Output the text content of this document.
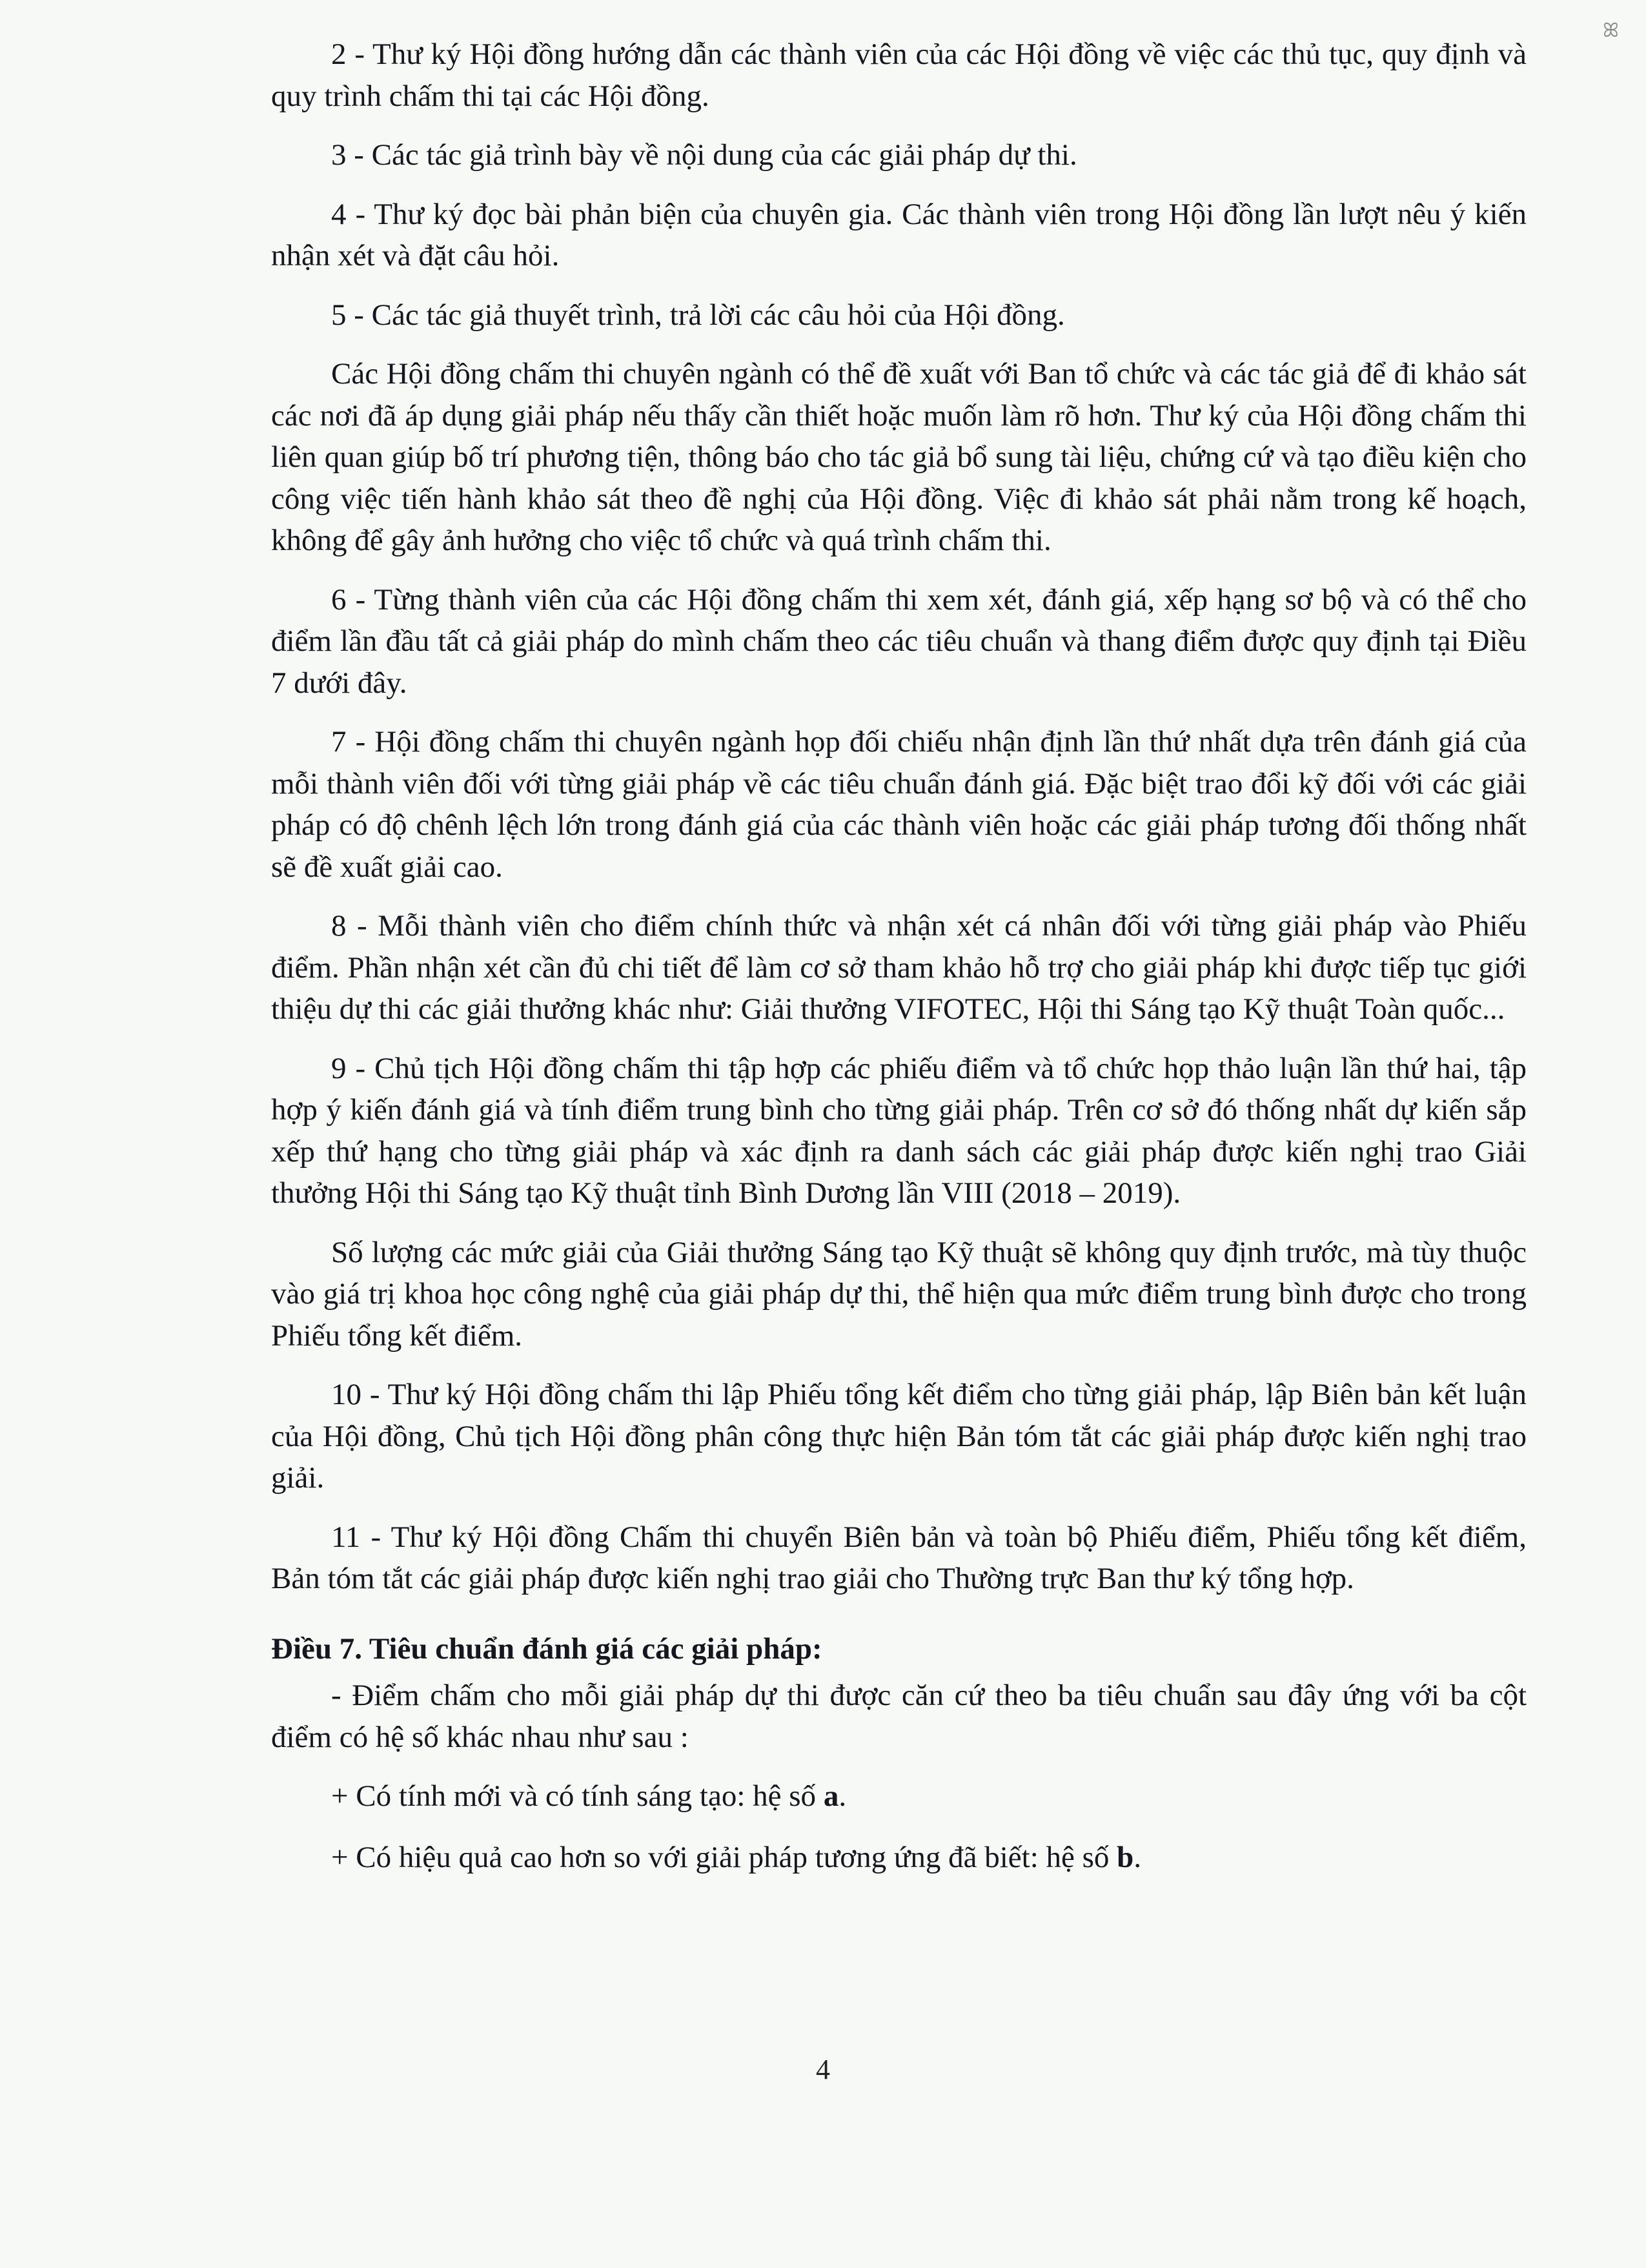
ꕤ

2 - Thư ký Hội đồng hướng dẫn các thành viên của các Hội đồng về việc các thủ tục, quy định và quy trình chấm thi tại các Hội đồng.

3 - Các tác giả trình bày về nội dung của các giải pháp dự thi.

4 - Thư ký đọc bài phản biện của chuyên gia. Các thành viên trong Hội đồng lần lượt nêu ý kiến nhận xét và đặt câu hỏi.

5 - Các tác giả thuyết trình, trả lời các câu hỏi của Hội đồng.

Các Hội đồng chấm thi chuyên ngành có thể đề xuất với Ban tổ chức và các tác giả để đi khảo sát các nơi đã áp dụng giải pháp nếu thấy cần thiết hoặc muốn làm rõ hơn. Thư ký của Hội đồng chấm thi liên quan giúp bố trí phương tiện, thông báo cho tác giả bổ sung tài liệu, chứng cứ và tạo điều kiện cho công việc tiến hành khảo sát theo đề nghị của Hội đồng. Việc đi khảo sát phải nằm trong kế hoạch, không để gây ảnh hưởng cho việc tổ chức và quá trình chấm thi.

6 - Từng thành viên của các Hội đồng chấm thi xem xét, đánh giá, xếp hạng sơ bộ và có thể cho điểm lần đầu tất cả giải pháp do mình chấm theo các tiêu chuẩn và thang điểm được quy định tại Điều 7 dưới đây.

7 - Hội đồng chấm thi chuyên ngành họp đối chiếu nhận định lần thứ nhất dựa trên đánh giá của mỗi thành viên đối với từng giải pháp về các tiêu chuẩn đánh giá. Đặc biệt trao đổi kỹ đối với các giải pháp có độ chênh lệch lớn trong đánh giá của các thành viên hoặc các giải pháp tương đối thống nhất sẽ đề xuất giải cao.

8 - Mỗi thành viên cho điểm chính thức và nhận xét cá nhân đối với từng giải pháp vào Phiếu điểm. Phần nhận xét cần đủ chi tiết để làm cơ sở tham khảo hỗ trợ cho giải pháp khi được tiếp tục giới thiệu dự thi các giải thưởng khác như: Giải thưởng VIFOTEC, Hội thi Sáng tạo Kỹ thuật Toàn quốc...

9 - Chủ tịch Hội đồng chấm thi tập hợp các phiếu điểm và tổ chức họp thảo luận lần thứ hai, tập hợp ý kiến đánh giá và tính điểm trung bình cho từng giải pháp. Trên cơ sở đó thống nhất dự kiến sắp xếp thứ hạng cho từng giải pháp và xác định ra danh sách các giải pháp được kiến nghị trao Giải thưởng Hội thi Sáng tạo Kỹ thuật tỉnh Bình Dương lần VIII (2018 – 2019).

Số lượng các mức giải của Giải thưởng Sáng tạo Kỹ thuật sẽ không quy định trước, mà tùy thuộc vào giá trị khoa học công nghệ của giải pháp dự thi, thể hiện qua mức điểm trung bình được cho trong Phiếu tổng kết điểm.

10 - Thư ký Hội đồng chấm thi lập Phiếu tổng kết điểm cho từng giải pháp, lập Biên bản kết luận của Hội đồng, Chủ tịch Hội đồng phân công thực hiện Bản tóm tắt các giải pháp được kiến nghị trao giải.

11 - Thư ký Hội đồng Chấm thi chuyển Biên bản và toàn bộ Phiếu điểm, Phiếu tổng kết điểm, Bản tóm tắt các giải pháp được kiến nghị trao giải cho Thường trực Ban thư ký tổng hợp.

Điều 7. Tiêu chuẩn đánh giá các giải pháp:

- Điểm chấm cho mỗi giải pháp dự thi được căn cứ theo ba tiêu chuẩn sau đây ứng với ba cột điểm có hệ số khác nhau như sau :

+ Có tính mới và có tính sáng tạo: hệ số a.

+ Có hiệu quả cao hơn so với giải pháp tương ứng đã biết: hệ số b.

4
